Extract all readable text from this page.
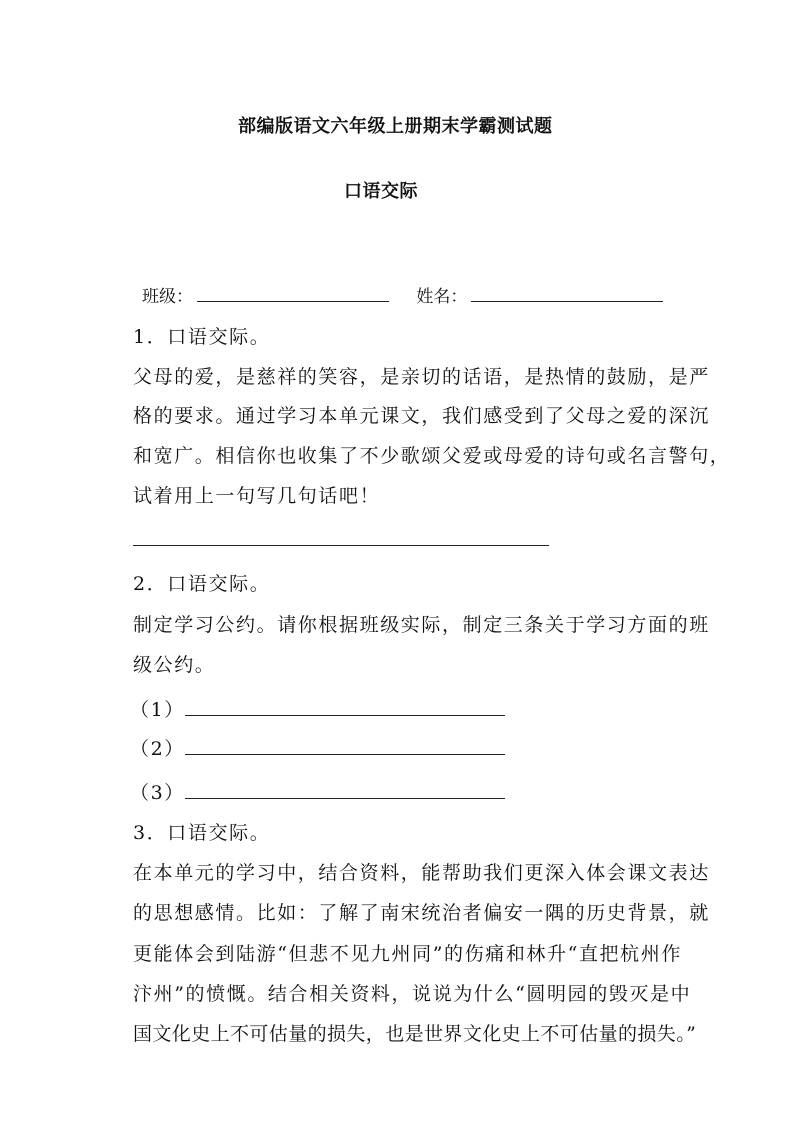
部编版语文六年级上册期末学霸测试题
口语交际
班级：	姓名：
1．口语交际。
父母的爱，是慈祥的笑容，是亲切的话语，是热情的鼓励，是严
格的要求。通过学习本单元课文，我们感受到了父母之爱的深沉
和宽广。相信你也收集了不少歌颂父爱或母爱的诗句或名言警句，
试着用上一句写几句话吧！
2．口语交际。
制定学习公约。请你根据班级实际，制定三条关于学习方面的班
级公约。
（1）
（2）
（3）
3．口语交际。
在本单元的学习中，结合资料，能帮助我们更深入体会课文表达
的思想感情。比如：了解了南宋统治者偏安一隅的历史背景，就
更能体会到陆游“但悲不见九州同”的伤痛和林升“直把杭州作
汴州”的愤慨。结合相关资料，说说为什么“圆明园的毁灭是中
国文化史上不可估量的损失，也是世界文化史上不可估量的损失。”
